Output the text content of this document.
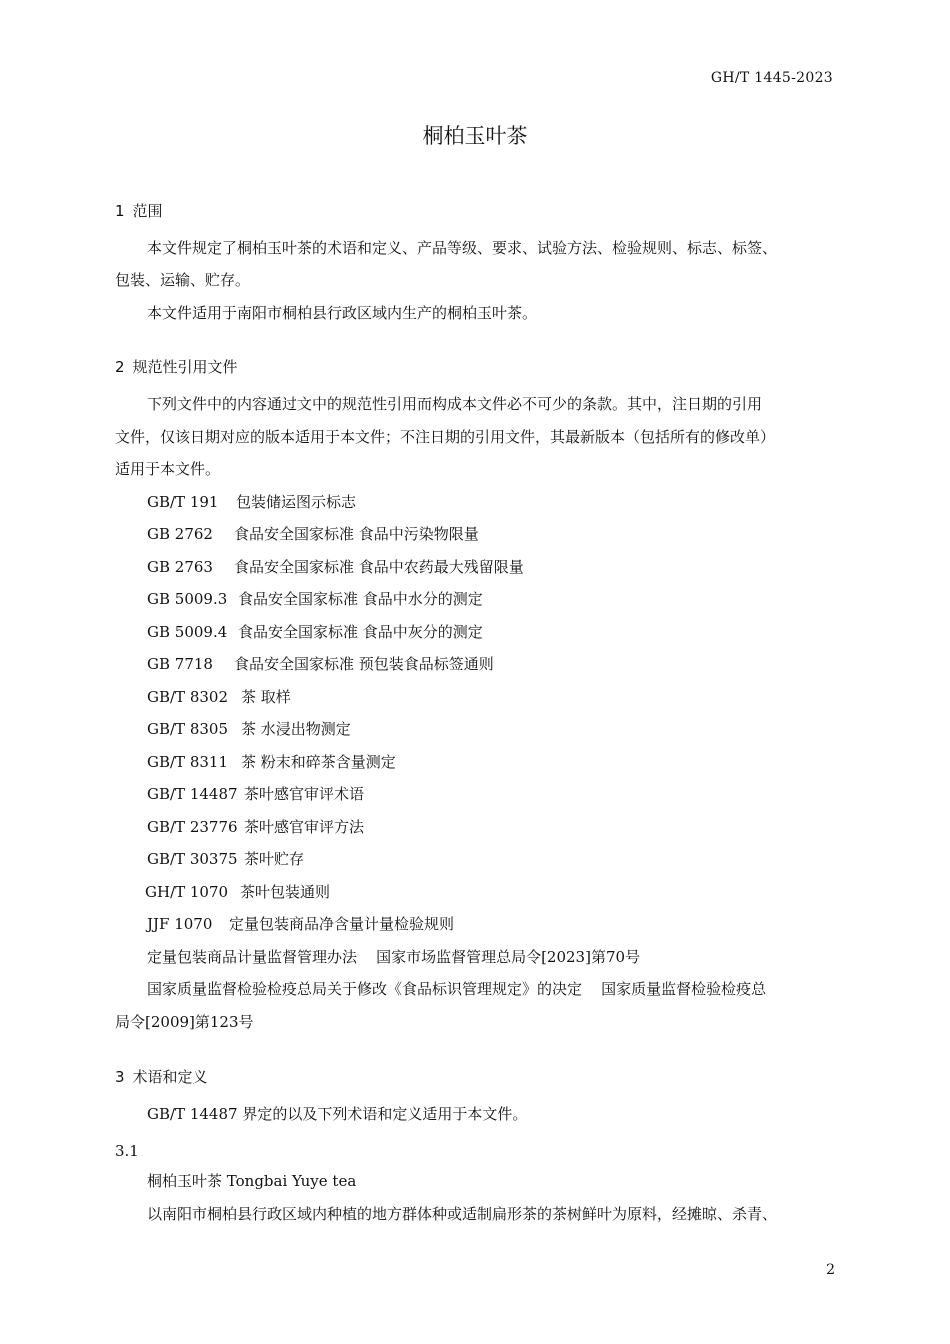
GH/T 1445-2023
桐柏玉叶茶
1 范围
本文件规定了桐柏玉叶茶的术语和定义、产品等级、要求、试验方法、检验规则、标志、标签、
包装、运输、贮存。
本文件适用于南阳市桐柏县行政区域内生产的桐柏玉叶茶。
2 规范性引用文件
下列文件中的内容通过文中的规范性引用而构成本文件必不可少的条款。其中，注日期的引用
文件，仅该日期对应的版本适用于本文件；不注日期的引用文件，其最新版本（包括所有的修改单）
适用于本文件。
GB/T 191 包装储运图示标志
GB 2762 食品安全国家标准 食品中污染物限量
GB 2763 食品安全国家标准 食品中农药最大残留限量
GB 5009.3 食品安全国家标准 食品中水分的测定
GB 5009.4 食品安全国家标准 食品中灰分的测定
GB 7718 食品安全国家标准 预包装食品标签通则
GB/T 8302 茶 取样
GB/T 8305 茶 水浸出物测定
GB/T 8311 茶 粉末和碎茶含量测定
GB/T 14487 茶叶感官审评术语
GB/T 23776 茶叶感官审评方法
GB/T 30375 茶叶贮存
GH/T 1070 茶叶包装通则
JJF 1070 定量包装商品净含量计量检验规则
定量包装商品计量监督管理办法    国家市场监督管理总局令[2023]第70号
国家质量监督检验检疫总局关于修改《食品标识管理规定》的决定    国家质量监督检验检疫总
局令[2009]第123号
3 术语和定义
GB/T 14487 界定的以及下列术语和定义适用于本文件。
3.1
桐柏玉叶茶 Tongbai Yuye tea
以南阳市桐柏县行政区域内种植的地方群体种或适制扁形茶的茶树鲜叶为原料，经摊晾、杀青、
2
